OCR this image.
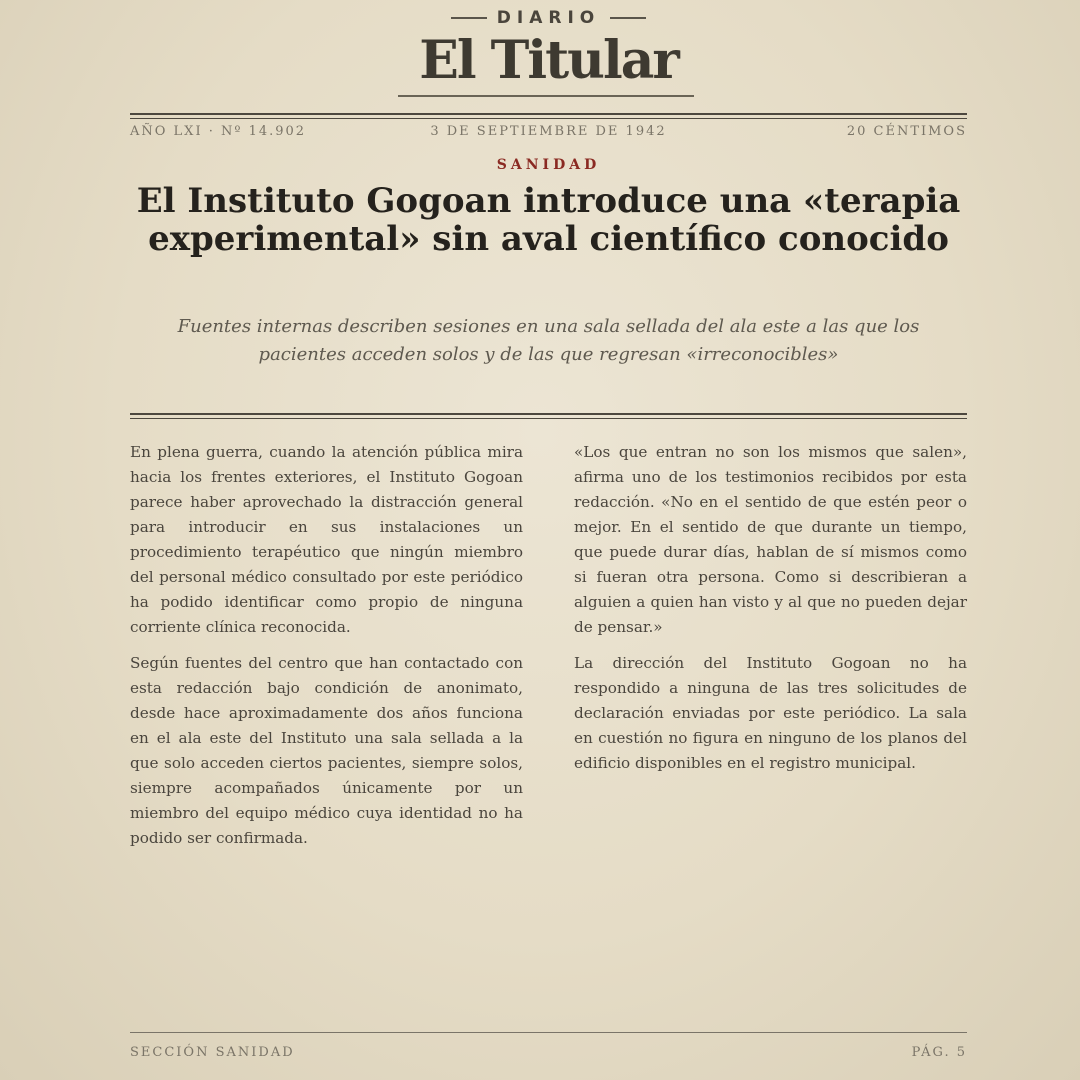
DIARIO
El Titular
AÑO LXI · Nº 14.902	3 DE SEPTIEMBRE DE 1942	20 CÉNTIMOS
SANIDAD
El Instituto Gogoan introduce una «terapia experimental» sin aval científico conocido

Fuentes internas describen sesiones en una sala sellada del ala este a las que los pacientes acceden solos y de las que regresan «irreconocibles»

En plena guerra, cuando la atención pública mira hacia los frentes exteriores, el Instituto Gogoan parece haber aprovechado la distracción general para introducir en sus instalaciones un procedimiento terapéutico que ningún miembro del personal médico consultado por este periódico ha podido identificar como propio de ninguna corriente clínica reconocida.

Según fuentes del centro que han contactado con esta redacción bajo condición de anonimato, desde hace aproximadamente dos años funciona en el ala este del Instituto una sala sellada a la que solo acceden ciertos pacientes, siempre solos, siempre acompañados únicamente por un miembro del equipo médico cuya identidad no ha podido ser confirmada.

«Los que entran no son los mismos que salen», afirma uno de los testimonios recibidos por esta redacción. «No en el sentido de que estén peor o mejor. En el sentido de que durante un tiempo, que puede durar días, hablan de sí mismos como si fueran otra persona. Como si describieran a alguien a quien han visto y al que no pueden dejar de pensar.»

La dirección del Instituto Gogoan no ha respondido a ninguna de las tres solicitudes de declaración enviadas por este periódico. La sala en cuestión no figura en ninguno de los planos del edificio disponibles en el registro municipal.

SECCIÓN SANIDAD	PÁG. 5
